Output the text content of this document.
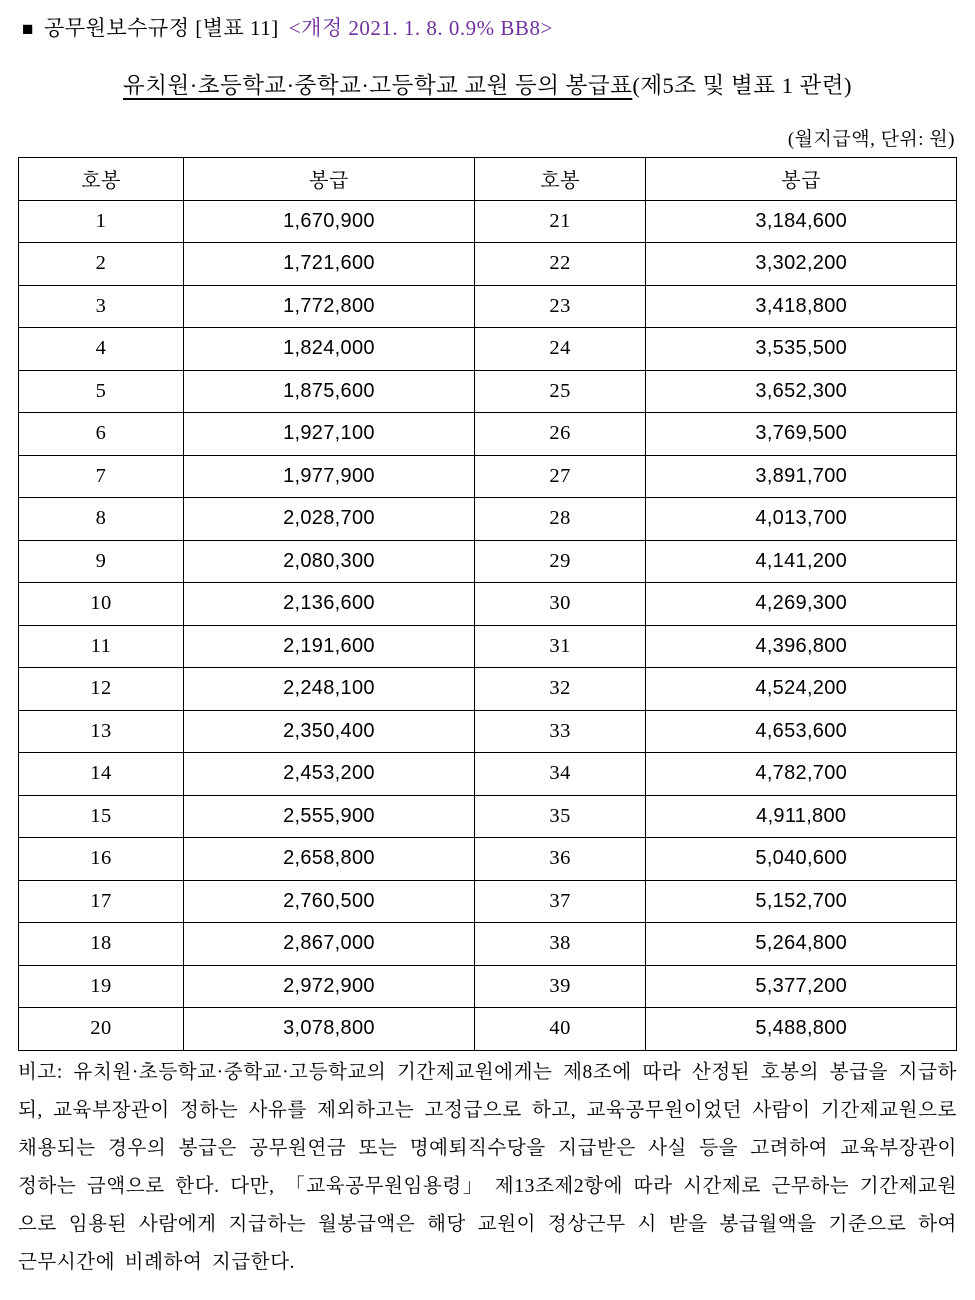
■ 공무원보수규정 [별표 11] <개정 2021. 1. 8. 0.9% BB8>
유치원·초등학교·중학교·고등학교 교원 등의 봉급표(제5조 및 별표 1 관련)
(월지급액, 단위: 원)
호봉	봉급	호봉	봉급
1	1,670,900	21	3,184,600
2	1,721,600	22	3,302,200
3	1,772,800	23	3,418,800
4	1,824,000	24	3,535,500
5	1,875,600	25	3,652,300
6	1,927,100	26	3,769,500
7	1,977,900	27	3,891,700
8	2,028,700	28	4,013,700
9	2,080,300	29	4,141,200
10	2,136,600	30	4,269,300
11	2,191,600	31	4,396,800
12	2,248,100	32	4,524,200
13	2,350,400	33	4,653,600
14	2,453,200	34	4,782,700
15	2,555,900	35	4,911,800
16	2,658,800	36	5,040,600
17	2,760,500	37	5,152,700
18	2,867,000	38	5,264,800
19	2,972,900	39	5,377,200
20	3,078,800	40	5,488,800
비고: 유치원·초등학교·중학교·고등학교의 기간제교원에게는 제8조에 따라 산정된 호봉의 봉급을 지급하되, 교육부장관이 정하는 사유를 제외하고는 고정급으로 하고, 교육공무원이었던 사람이 기간제교원으로 채용되는 경우의 봉급은 공무원연금 또는 명예퇴직수당을 지급받은 사실 등을 고려하여 교육부장관이 정하는 금액으로 한다. 다만, 「교육공무원임용령」 제13조제2항에 따라 시간제로 근무하는 기간제교원으로 임용된 사람에게 지급하는 월봉급액은 해당 교원이 정상근무 시 받을 봉급월액을 기준으로 하여 근무시간에 비례하여 지급한다.
